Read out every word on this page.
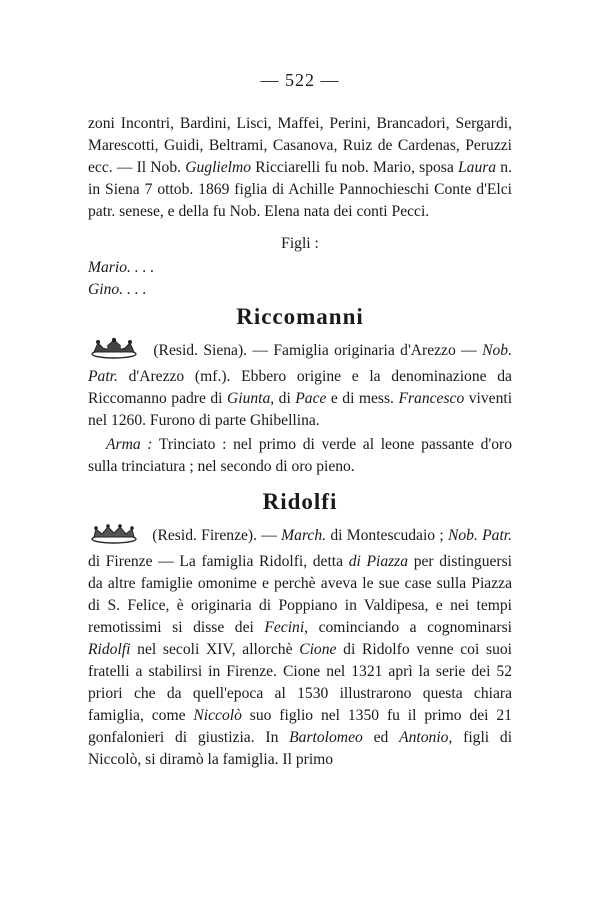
— 522 —

zoni Incontri, Bardini, Lisci, Maffei, Perini, Brancadori, Sergardi, Marescotti, Guidi, Beltrami, Casanova, Ruiz de Cardenas, Peruzzi ecc. — Il Nob. Guglielmo Ricciarelli fu nob. Mario, sposa Laura n. in Siena 7 ottob. 1869 figlia di Achille Pannochieschi Conte d'Elci patr. senese, e della fu Nob. Elena nata dei conti Pecci.

Figli :
Mario. . . .
Gino. . . .
Riccomanni

(Resid. Siena). — Famiglia originaria d'Arezzo — Nob. Patr. d'Arezzo (mf.). Ebbero origine e la denominazione da Riccomanno padre di Giunta, di Pace e di mess. Francesco viventi nel 1260. Furono di parte Ghibellina.

Arma : Trinciato : nel primo di verde al leone passante d'oro sulla trinciatura ; nel secondo di oro pieno.

Ridolfi

(Resid. Firenze). — March. di Montescudaio ; Nob. Patr. di Firenze — La famiglia Ridolfi, detta di Piazza per distinguersi da altre famiglie omonime e perchè aveva le sue case sulla Piazza di S. Felice, è originaria di Poppiano in Valdipesa, e nei tempi remotissimi si disse dei Fecini, cominciando a cognominarsi Ridolfi nel secoli XIV, allorchè Cione di Ridolfo venne coi suoi fratelli a stabilirsi in Firenze. Cione nel 1321 aprì la serie dei 52 priori che da quell'epoca al 1530 illustrarono questa chiara famiglia, come Niccolò suo figlio nel 1350 fu il primo dei 21 gonfalonieri di giustizia. In Bartolomeo ed Antonio, figli di Niccolò, si diramò la famiglia. Il primo
